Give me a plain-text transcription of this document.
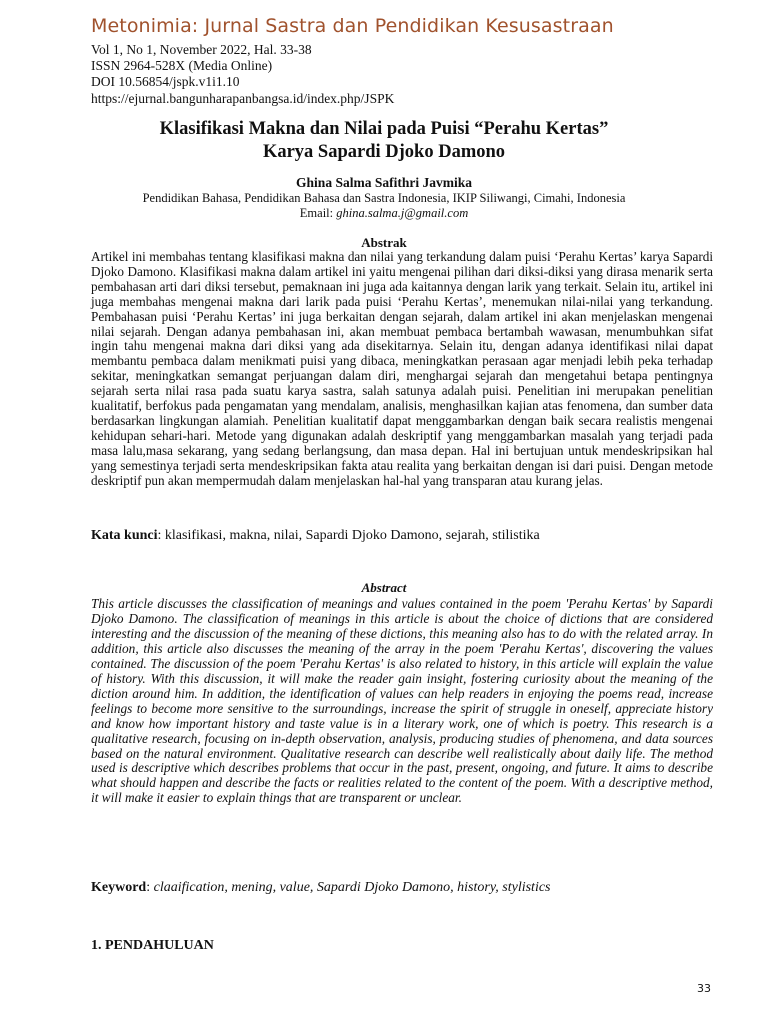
Metonimia: Jurnal Sastra dan Pendidikan Kesusastraan
Vol 1, No 1, November 2022, Hal. 33-38
ISSN 2964-528X (Media Online)
DOI 10.56854/jspk.v1i1.10
https://ejurnal.bangunharapanbangsa.id/index.php/JSPK
Klasifikasi Makna dan Nilai pada Puisi “Perahu Kertas”
Karya Sapardi Djoko Damono
Ghina Salma Safithri Javmika
Pendidikan Bahasa, Pendidikan Bahasa dan Sastra Indonesia, IKIP Siliwangi, Cimahi, Indonesia
Email: ghina.salma.j@gmail.com
Abstrak

Artikel ini membahas tentang klasifikasi makna dan nilai yang terkandung dalam puisi ‘Perahu Kertas’ karya Sapardi Djoko Damono. Klasifikasi makna dalam artikel ini yaitu mengenai pilihan dari diksi-diksi yang dirasa menarik serta pembahasan arti dari diksi tersebut, pemaknaan ini juga ada kaitannya dengan larik yang terkait. Selain itu, artikel ini juga membahas mengenai makna dari larik pada puisi ‘Perahu Kertas’, menemukan nilai-nilai yang terkandung. Pembahasan puisi ‘Perahu Kertas’ ini juga berkaitan dengan sejarah, dalam artikel ini akan menjelaskan mengenai nilai sejarah. Dengan adanya pembahasan ini, akan membuat pembaca bertambah wawasan, menumbuhkan sifat ingin tahu mengenai makna dari diksi yang ada disekitarnya. Selain itu, dengan adanya identifikasi nilai dapat membantu pembaca dalam menikmati puisi yang dibaca, meningkatkan perasaan agar menjadi lebih peka terhadap sekitar, meningkatkan semangat perjuangan dalam diri, menghargai sejarah dan mengetahui betapa pentingnya sejarah serta nilai rasa pada suatu karya sastra, salah satunya adalah puisi. Penelitian ini merupakan penelitian kualitatif, berfokus pada pengamatan yang mendalam, analisis, menghasilkan kajian atas fenomena, dan sumber data berdasarkan lingkungan alamiah. Penelitian kualitatif dapat menggambarkan dengan baik secara realistis mengenai kehidupan sehari-hari. Metode yang digunakan adalah deskriptif yang menggambarkan masalah yang terjadi pada masa lalu,masa sekarang, yang sedang berlangsung, dan masa depan. Hal ini bertujuan untuk mendeskripsikan hal yang semestinya terjadi serta mendeskripsikan fakta atau realita yang berkaitan dengan isi dari puisi. Dengan metode deskriptif pun akan mempermudah dalam menjelaskan hal-hal yang transparan atau kurang jelas.

Kata kunci: klasifikasi, makna, nilai, Sapardi Djoko Damono, sejarah, stilistika
Abstract

This article discusses the classification of meanings and values contained in the poem 'Perahu Kertas' by Sapardi Djoko Damono. The classification of meanings in this article is about the choice of dictions that are considered interesting and the discussion of the meaning of these dictions, this meaning also has to do with the related array. In addition, this article also discusses the meaning of the array in the poem 'Perahu Kertas', discovering the values contained. The discussion of the poem 'Perahu Kertas' is also related to history, in this article will explain the value of history. With this discussion, it will make the reader gain insight, fostering curiosity about the meaning of the diction around him. In addition, the identification of values can help readers in enjoying the poems read, increase feelings to become more sensitive to the surroundings, increase the spirit of struggle in oneself, appreciate history and know how important history and taste value is in a literary work, one of which is poetry. This research is a qualitative research, focusing on in-depth observation, analysis, producing studies of phenomena, and data sources based on the natural environment. Qualitative research can describe well realistically about daily life. The method used is descriptive which describes problems that occur in the past, present, ongoing, and future. It aims to describe what should happen and describe the facts or realities related to the content of the poem. With a descriptive method, it will make it easier to explain things that are transparent or unclear.

Keyword: claaification, mening, value, Sapardi Djoko Damono, history, stylistics
1. PENDAHULUAN
33
